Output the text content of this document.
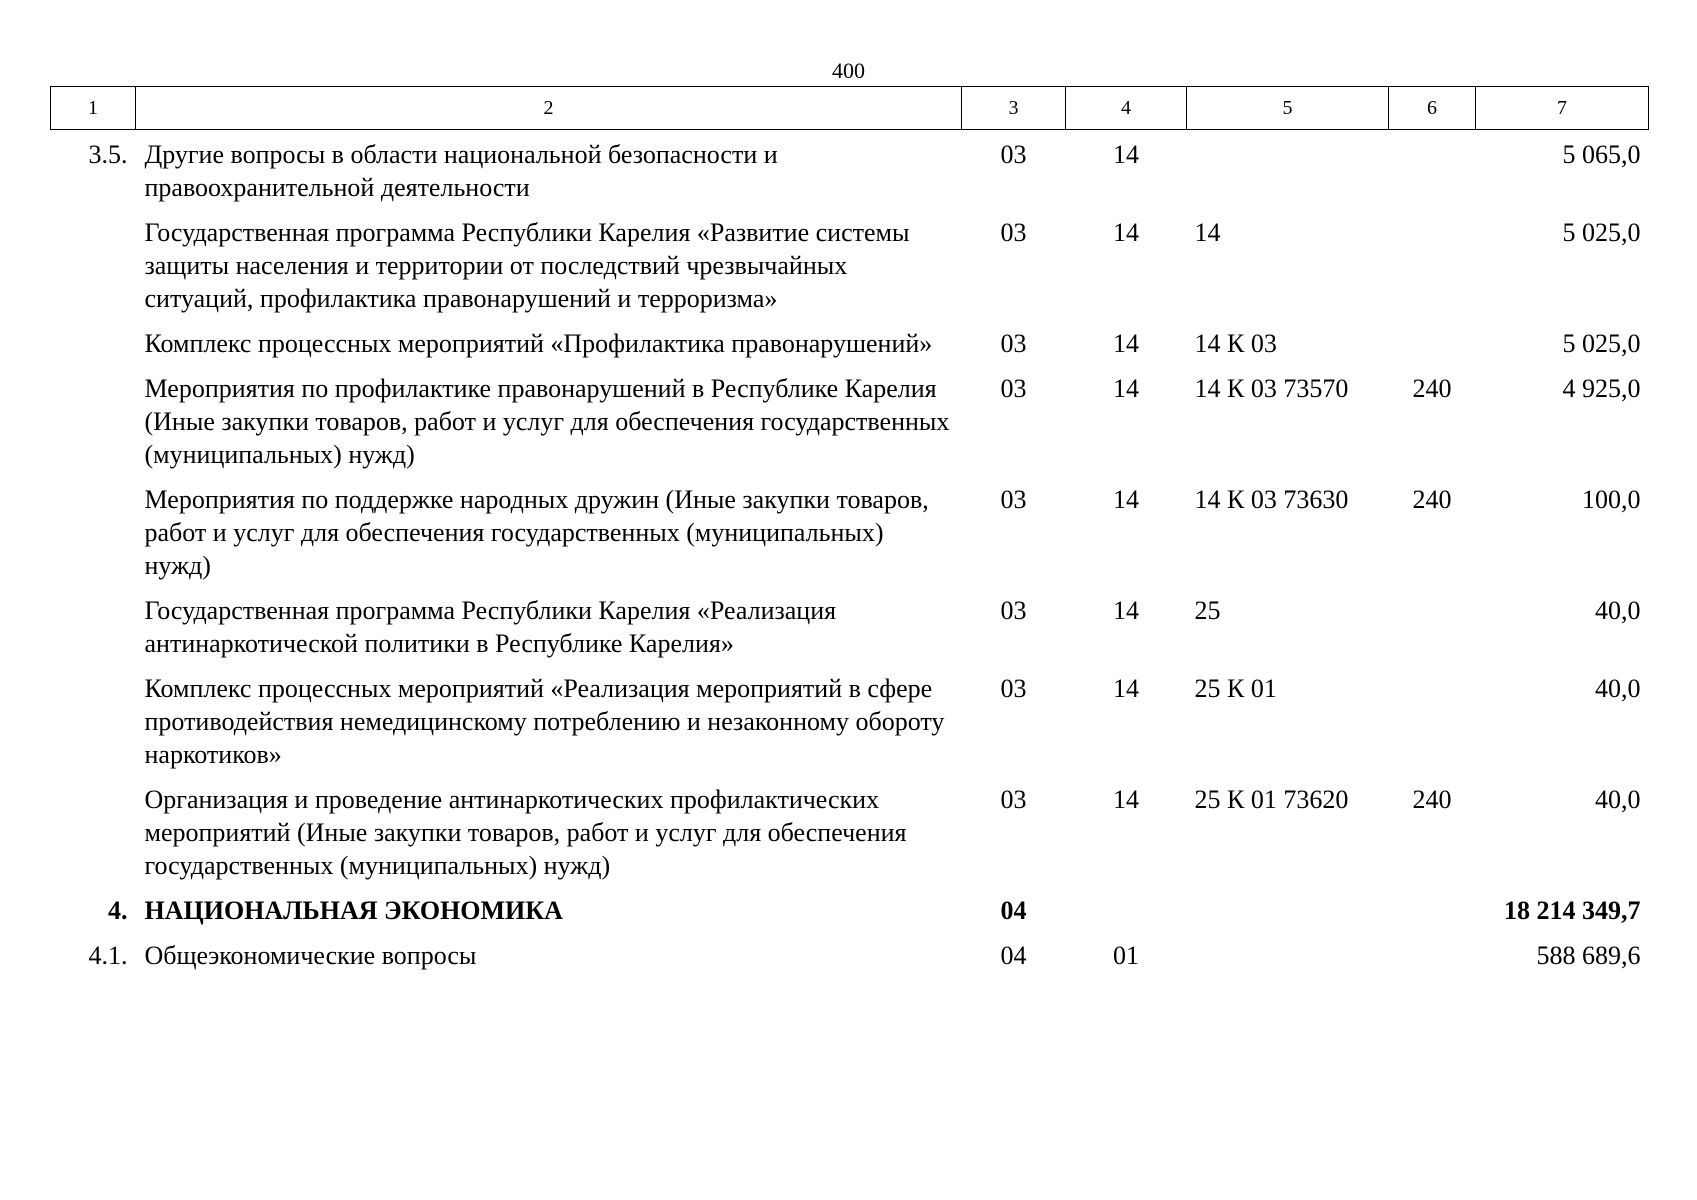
400
1	2	3	4	5	6	7
3.5.	Другие вопросы в области национальной безопасности и правоохранительной деятельности	03	14			5 065,0
	Государственная программа Республики Карелия «Развитие системы защиты населения и территории от последствий чрезвычайных ситуаций, профилактика правонарушений и терроризма»	03	14	14		5 025,0
	Комплекс процессных мероприятий «Профилактика правонарушений»	03	14	14 К 03		5 025,0
	Мероприятия по профилактике правонарушений в Республике Карелия (Иные закупки товаров, работ и услуг для обеспечения государственных (муниципальных) нужд)	03	14	14 К 03 73570	240	4 925,0
	Мероприятия по поддержке народных дружин (Иные закупки товаров, работ и услуг для обеспечения государственных (муниципальных) нужд)	03	14	14 К 03 73630	240	100,0
	Государственная программа Республики Карелия «Реализация антинаркотической политики в Республике Карелия»	03	14	25		40,0
	Комплекс процессных мероприятий «Реализация мероприятий в сфере противодействия немедицинскому потреблению и незаконному обороту наркотиков»	03	14	25 К 01		40,0
	Организация и проведение антинаркотических профилактических мероприятий (Иные закупки товаров, работ и услуг для обеспечения государственных (муниципальных) нужд)	03	14	25 К 01 73620	240	40,0
4.	НАЦИОНАЛЬНАЯ ЭКОНОМИКА	04				18 214 349,7
4.1.	Общеэкономические вопросы	04	01			588 689,6
